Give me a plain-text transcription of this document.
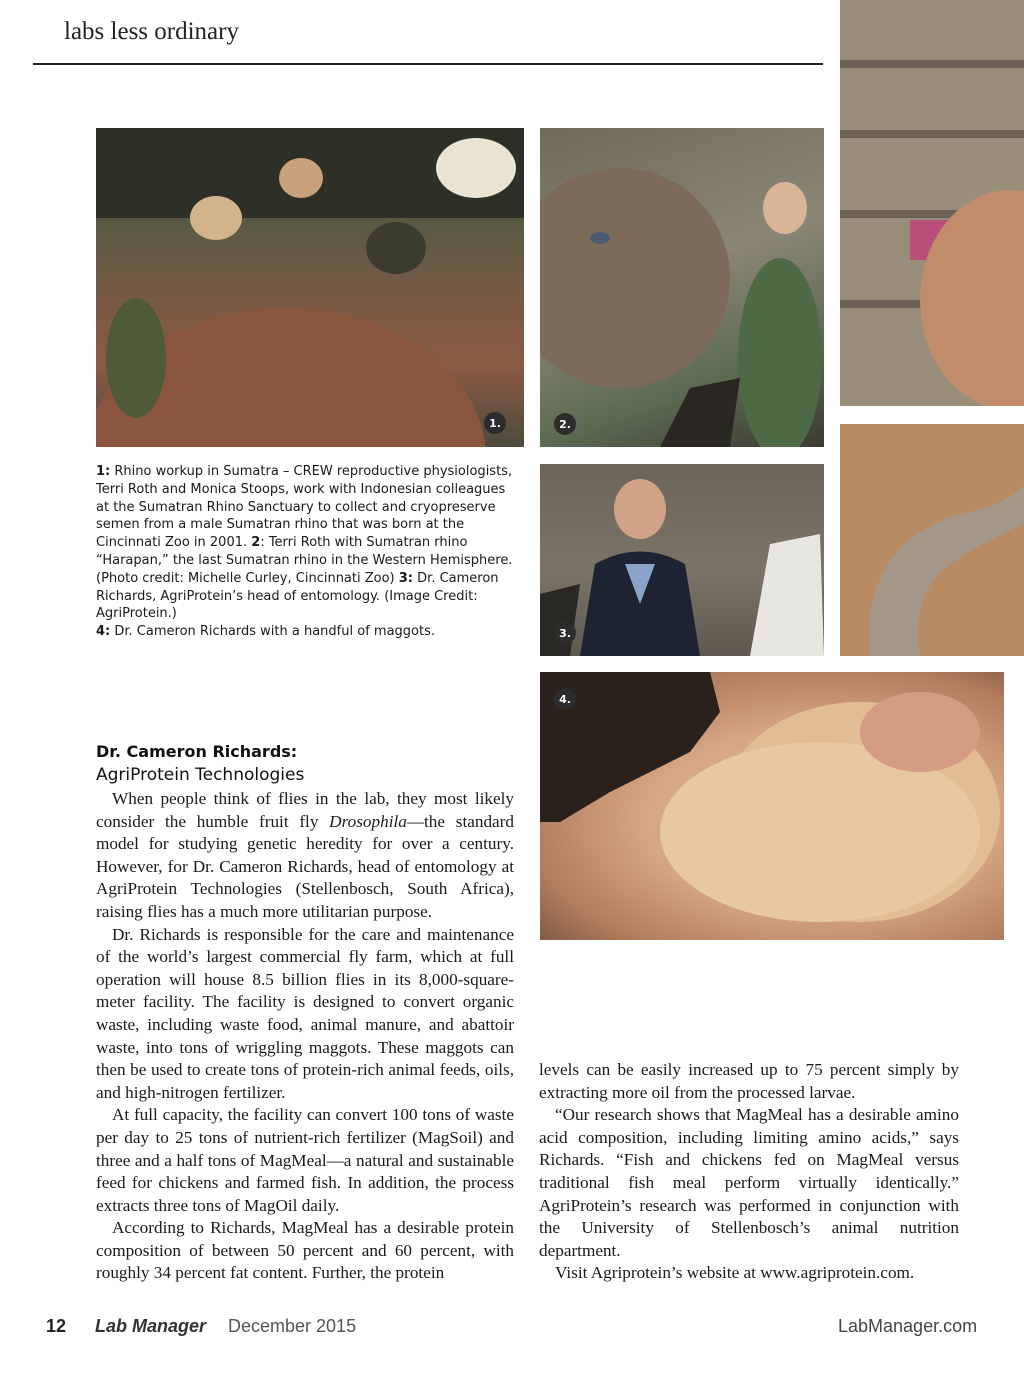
labs less ordinary
1.	2.
3.
4.
1: Rhino workup in Sumatra – CREW reproductive physiologists, Terri Roth and Monica Stoops, work with Indonesian colleagues at the Sumatran Rhino Sanctuary to collect and cryopreserve semen from a male Sumatran rhino that was born at the Cincinnati Zoo in 2001. 2: Terri Roth with Sumatran rhino “Harapan,” the last Sumatran rhino in the Western Hemisphere. (Photo credit: Michelle Curley, Cincinnati Zoo) 3: Dr. Cameron Richards, AgriProtein’s head of entomology. (Image Credit: AgriProtein.)
4: Dr. Cameron Richards with a handful of maggots.
Dr. Cameron Richards:
AgriProtein Technologies

When people think of flies in the lab, they most likely consider the humble fruit fly Drosophila—the standard model for studying genetic heredity for over a century. However, for Dr. Cameron Richards, head of entomology at AgriProtein Technologies (Stellenbosch, South Africa), raising flies has a much more utilitarian purpose.

Dr. Richards is responsible for the care and maintenance of the world’s largest commercial fly farm, which at full operation will house 8.5 billion flies in its 8,000-square-meter facility. The facility is designed to convert organic waste, including waste food, animal manure, and abattoir waste, into tons of wriggling maggots. These maggots can then be used to create tons of protein-rich animal feeds, oils, and high-nitrogen fertilizer.

At full capacity, the facility can convert 100 tons of waste per day to 25 tons of nutrient-rich fertilizer (MagSoil) and three and a half tons of MagMeal—a natural and sustainable feed for chickens and farmed fish. In addition, the process extracts three tons of MagOil daily.

According to Richards, MagMeal has a desirable protein composition of between 50 percent and 60 percent, with roughly 34 percent fat content. Further, the protein

levels can be easily increased up to 75 percent simply by extracting more oil from the processed larvae.

“Our research shows that MagMeal has a desirable amino acid composition, including limiting amino acids,” says Richards. “Fish and chickens fed on MagMeal versus traditional fish meal perform virtually identically.” AgriProtein’s research was performed in conjunction with the University of Stellenbosch’s animal nutrition department.

Visit Agriprotein’s website at www.agriprotein.com.

12 Lab Manager December 2015	LabManager.com
